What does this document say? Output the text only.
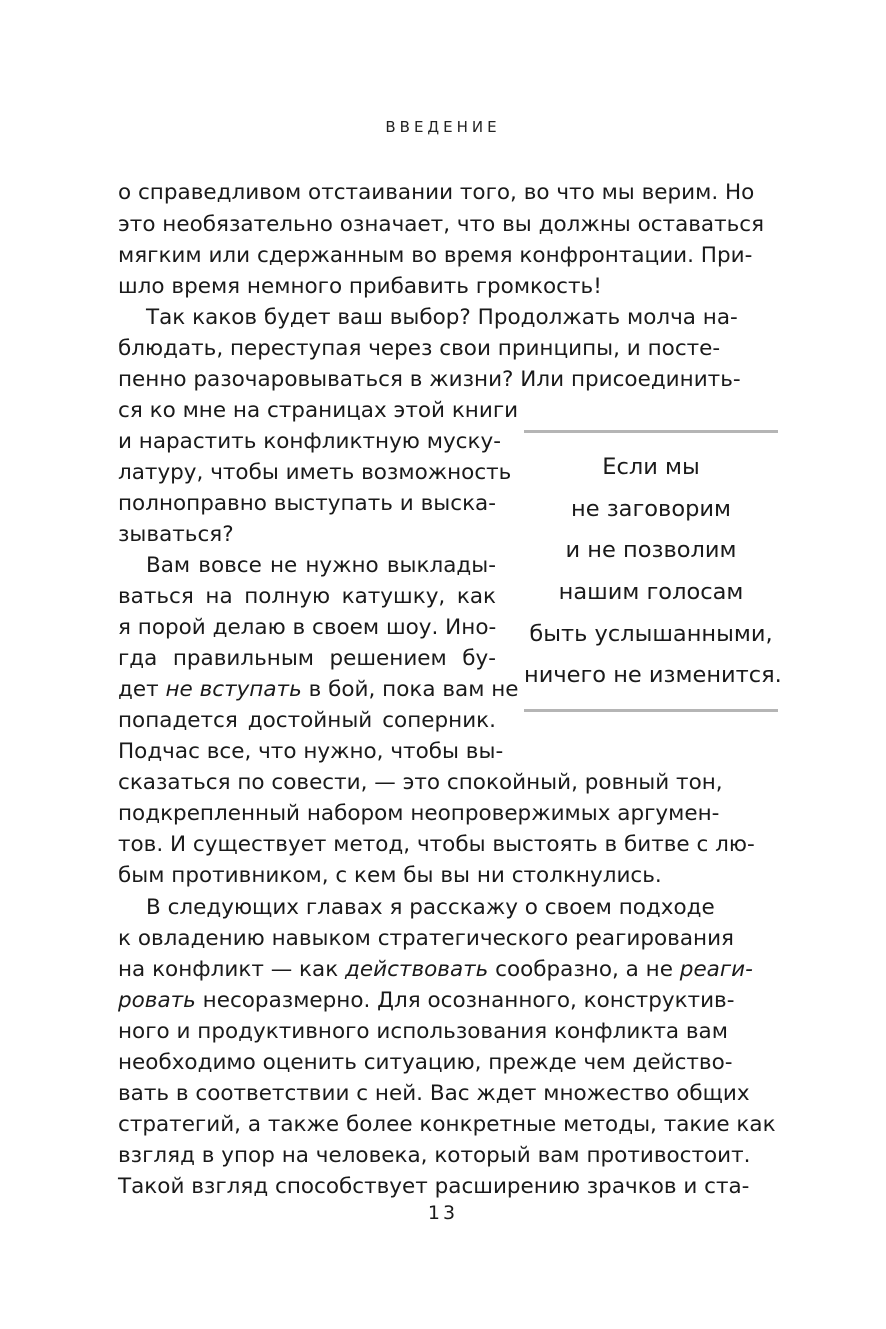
ВВЕДЕНИЕ
о справедливом отстаивании того, во что мы верим. Но
это необязательно означает, что вы должны оставаться
мягким или сдержанным во время конфронтации. При-
шло время немного прибавить громкость!
Так каков будет ваш выбор? Продолжать молча на-
блюдать, переступая через свои принципы, и посте-
пенно разочаровываться в жизни? Или присоединить-
ся ко мне на страницах этой книги
и нарастить конфликтную муску-
латуру, чтобы иметь возможность
полноправно выступать и выска-
зываться?
Вам вовсе не нужно выклады-
ваться на полную катушку, как
я порой делаю в своем шоу. Ино-
гда правильным решением бу-
дет не вступать в бой, пока вам не
попадется достойный соперник.
Подчас все, что нужно, чтобы вы-
сказаться по совести, — это спокойный, ровный тон,
подкрепленный набором неопровержимых аргумен-
тов. И существует метод, чтобы выстоять в битве с лю-
бым противником, с кем бы вы ни столкнулись.
В следующих главах я расскажу о своем подходе
к овладению навыком стратегического реагирования
на конфликт — как действовать сообразно, а не реаги-
ровать несоразмерно. Для осознанного, конструктив-
ного и продуктивного использования конфликта вам
необходимо оценить ситуацию, прежде чем действо-
вать в соответствии с ней. Вас ждет множество общих
стратегий, а также более конкретные методы, такие как
взгляд в упор на человека, который вам противостоит.
Такой взгляд способствует расширению зрачков и ста-
Если мы
не заговорим
и не позволим
нашим голосам
быть услышанными,
ничего не изменится.
13
